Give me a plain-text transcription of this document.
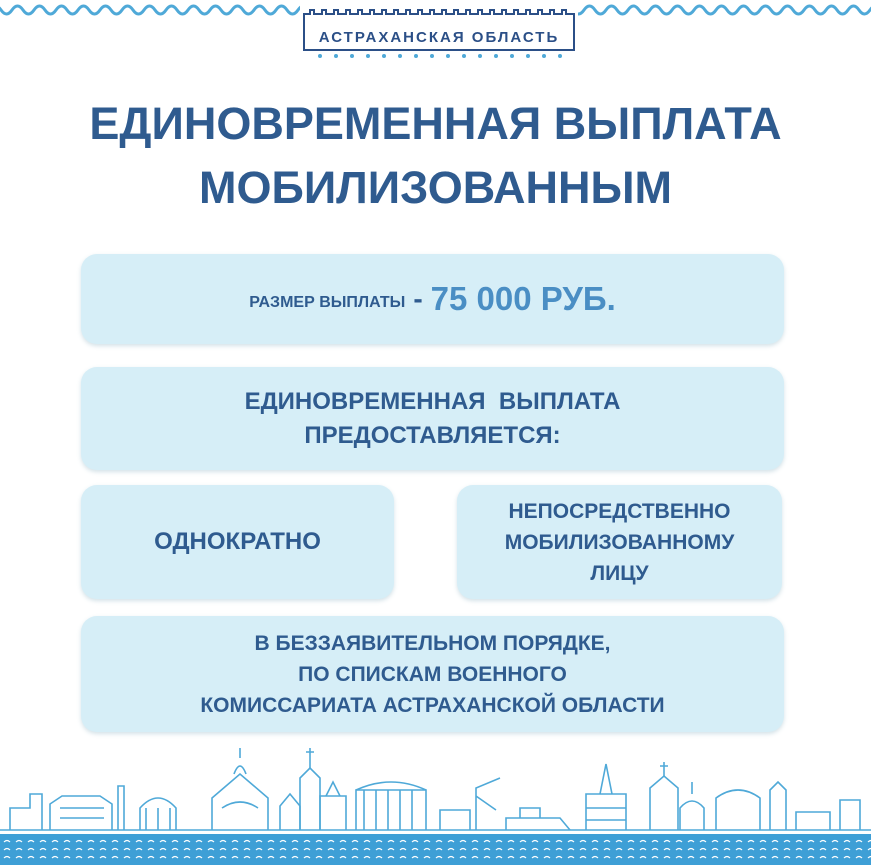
АСТРАХАНСКАЯ ОБЛАСТЬ
ЕДИНОВРЕМЕННАЯ ВЫПЛАТА
МОБИЛИЗОВАННЫМ
РАЗМЕР ВЫПЛАТЫ - 75 000 РУБ.
ЕДИНОВРЕМЕННАЯ  ВЫПЛАТА
ПРЕДОСТАВЛЯЕТСЯ:
ОДНОКРАТНО
НЕПОСРЕДСТВЕННО
МОБИЛИЗОВАННОМУ
ЛИЦУ
В БЕЗЗАЯВИТЕЛЬНОМ ПОРЯДКЕ,
ПО СПИСКАМ ВОЕННОГО
КОМИССАРИАТА АСТРАХАНСКОЙ ОБЛАСТИ
